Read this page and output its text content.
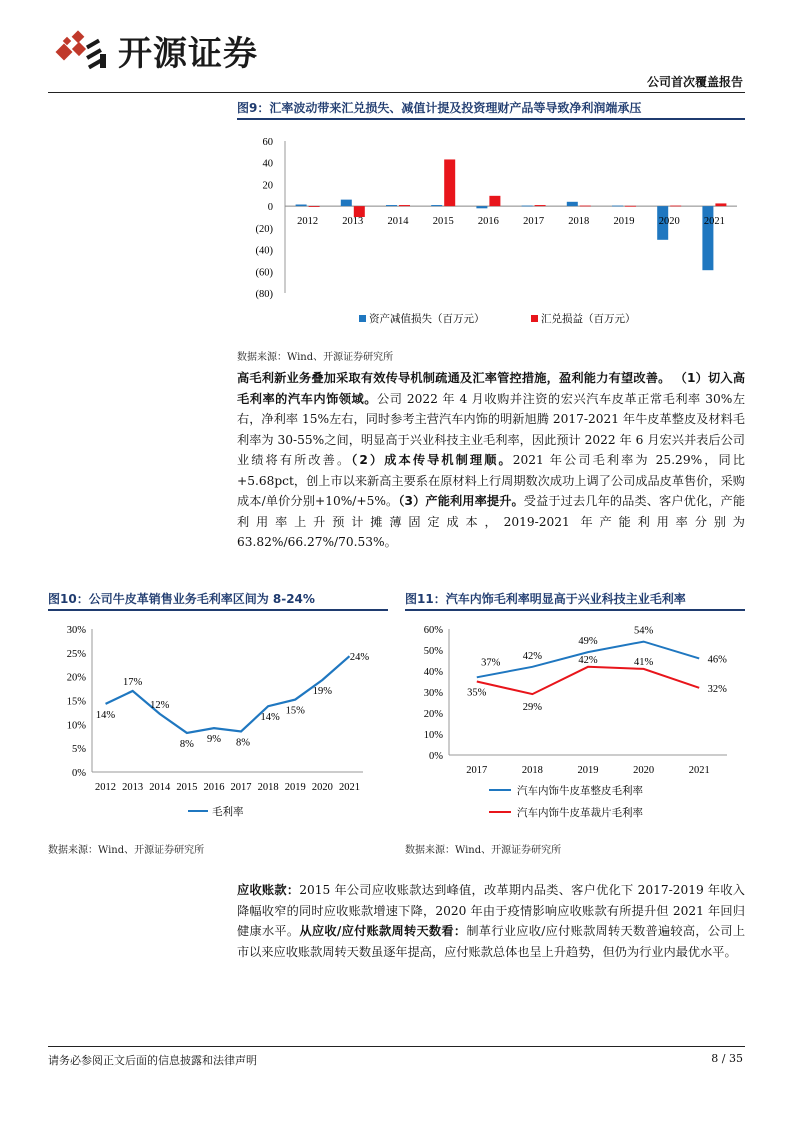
开源证券
公司首次覆盖报告
图9：汇率波动带来汇兑损失、减值计提及投资理财产品等导致净利润端承压
60
40
20
0
(20)
(40)
(60)
(80)
2012 2013 2014 2015 2016 2017 2018 2019 2020 2021
资产减值损失（百万元）	汇兑损益（百万元）
数据来源：Wind、开源证券研究所
高毛利新业务叠加采取有效传导机制疏通及汇率管控措施，盈利能力有望改善。 （1）切入高毛利率的汽车内饰领域。公司 2022 年 4 月收购并注资的宏兴汽车皮革正常毛利率 30%左右，净利率 15%左右，同时参考主营汽车内饰的明新旭腾 2017-2021 年牛皮革整皮及材料毛利率为 30-55%之间，明显高于兴业科技主业毛利率，因此预计 2022 年 6 月宏兴并表后公司业绩将有所改善。（2）成本传导机制理顺。2021 年公司毛利率为 25.29%，同比+5.68pct，创上市以来新高主要系在原材料上行周期数次成功上调了公司成品皮革售价，采购成本/单价分别+10%/+5%。（3）产能利用率提升。受益于过去几年的品类、客户优化，产能利用率上升预计摊薄固定成本，2019-2021 年产能利用率分别为 63.82%/66.27%/70.53%。
图10：公司牛皮革销售业务毛利率区间为 8-24%
0%
5%
10%
15%
20%
25%
30%
14%
2012
17%
2013
12%
2014
8%
2015
9%
2016
8%
2017
14%
2018
15%
2019
19%
2020
24%
2021
毛利率
数据来源：Wind、开源证券研究所
图11：汽车内饰毛利率明显高于兴业科技主业毛利率
0%
10%
20%
30%
40%
50%
60%
37%
42%
49%
54%
46%
35%
29%
42%	41%
32%
2017	2018	2019	2020	2021
汽车内饰牛皮革整皮毛利率
汽车内饰牛皮革裁片毛利率
数据来源：Wind、开源证券研究所
应收账款：2015 年公司应收账款达到峰值，改革期内品类、客户优化下 2017-2019 年收入降幅收窄的同时应收账款增速下降，2020 年由于疫情影响应收账款有所提升但 2021 年回归健康水平。从应收/应付账款周转天数看：制革行业应收/应付账款周转天数普遍较高，公司上市以来应收账款周转天数虽逐年提高，应付账款总体也呈上升趋势，但仍为行业内最优水平。
请务必参阅正文后面的信息披露和法律声明	8 / 35
